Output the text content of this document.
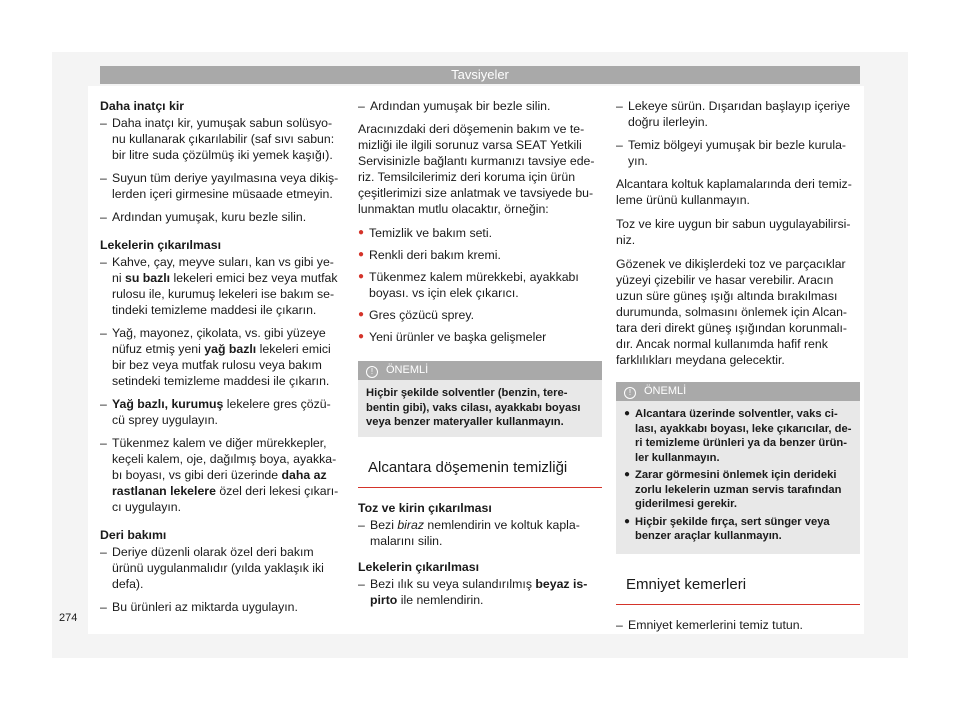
Tavsiyeler
Daha inatçı kir
– Daha inatçı kir, yumuşak sabun solüsyo- nu kullanarak çıkarılabilir (saf sıvı sabun: bir litre suda çözülmüş iki yemek kaşığı).
– Suyun tüm deriye yayılmasına veya dikiş- lerden içeri girmesine müsaade etmeyin.
– Ardından yumuşak, kuru bezle silin.
Lekelerin çıkarılması
– Kahve, çay, meyve suları, kan vs gibi ye- ni su bazlı lekeleri emici bez veya mutfak rulosu ile, kurumuş lekeleri ise bakım se- tindeki temizleme maddesi ile çıkarın.
– Yağ, mayonez, çikolata, vs. gibi yüzeye nüfuz etmiş yeni yağ bazlı lekeleri emici bir bez veya mutfak rulosu veya bakım setindeki temizleme maddesi ile çıkarın.
– Yağ bazlı, kurumuş lekelere gres çözü- cü sprey uygulayın.
– Tükenmez kalem ve diğer mürekkepler, keçeli kalem, oje, dağılmış boya, ayakka- bı boyası, vs gibi deri üzerinde daha az rastlanan lekelere özel deri lekesi çıkarı- cı uygulayın.
Deri bakımı
– Deriye düzenli olarak özel deri bakım ürünü uygulanmalıdır (yılda yaklaşık iki defa).
– Bu ürünleri az miktarda uygulayın.
– Ardından yumuşak bir bezle silin.

Aracınızdaki deri döşemenin bakım ve te- mizliği ile ilgili sorunuz varsa SEAT Yetkili Servisinizle bağlantı kurmanızı tavsiye ede- riz. Temsilcilerimiz deri koruma için ürün çeşitlerimizi size anlatmak ve tavsiyede bu- lunmaktan mutlu olacaktır, örneğin:

● Temizlik ve bakım seti.
● Renkli deri bakım kremi.
● Tükenmez kalem mürekkebi, ayakkabı boyası. vs için elek çıkarıcı.
● Gres çözücü sprey.
● Yeni ürünler ve başka gelişmeler
! ÖNEMLİ
Hiçbir şekilde solventler (benzin, tere- bentin gibi), vaks cilası, ayakkabı boyası veya benzer materyaller kullanmayın.
Alcantara döşemenin temizliği
Toz ve kirin çıkarılması
– Bezi biraz nemlendirin ve koltuk kapla- malarını silin.
Lekelerin çıkarılması
– Bezi ılık su veya sulandırılmış beyaz is- pirto ile nemlendirin.
– Lekeye sürün. Dışarıdan başlayıp içeriye doğru ilerleyin.
– Temiz bölgeyi yumuşak bir bezle kurula- yın.

Alcantara koltuk kaplamalarında deri temiz- leme ürünü kullanmayın.

Toz ve kire uygun bir sabun uygulayabilirsi- niz.

Gözenek ve dikişlerdeki toz ve parçacıklar yüzeyi çizebilir ve hasar verebilir. Aracın uzun süre güneş ışığı altında bırakılması durumunda, solmasını önlemek için Alcan- tara deri direkt güneş ışığından korunmalı- dır. Ancak normal kullanımda hafif renk farklılıkları meydana gelecektir.

! ÖNEMLİ
● Alcantara üzerinde solventler, vaks ci- lası, ayakkabı boyası, leke çıkarıcılar, de- ri temizleme ürünleri ya da benzer ürün- ler kullanmayın.
● Zarar görmesini önlemek için derideki zorlu lekelerin uzman servis tarafından giderilmesi gerekir.
● Hiçbir şekilde fırça, sert sünger veya benzer araçlar kullanmayın.
Emniyet kemerleri
– Emniyet kemerlerini temiz tutun.
274
